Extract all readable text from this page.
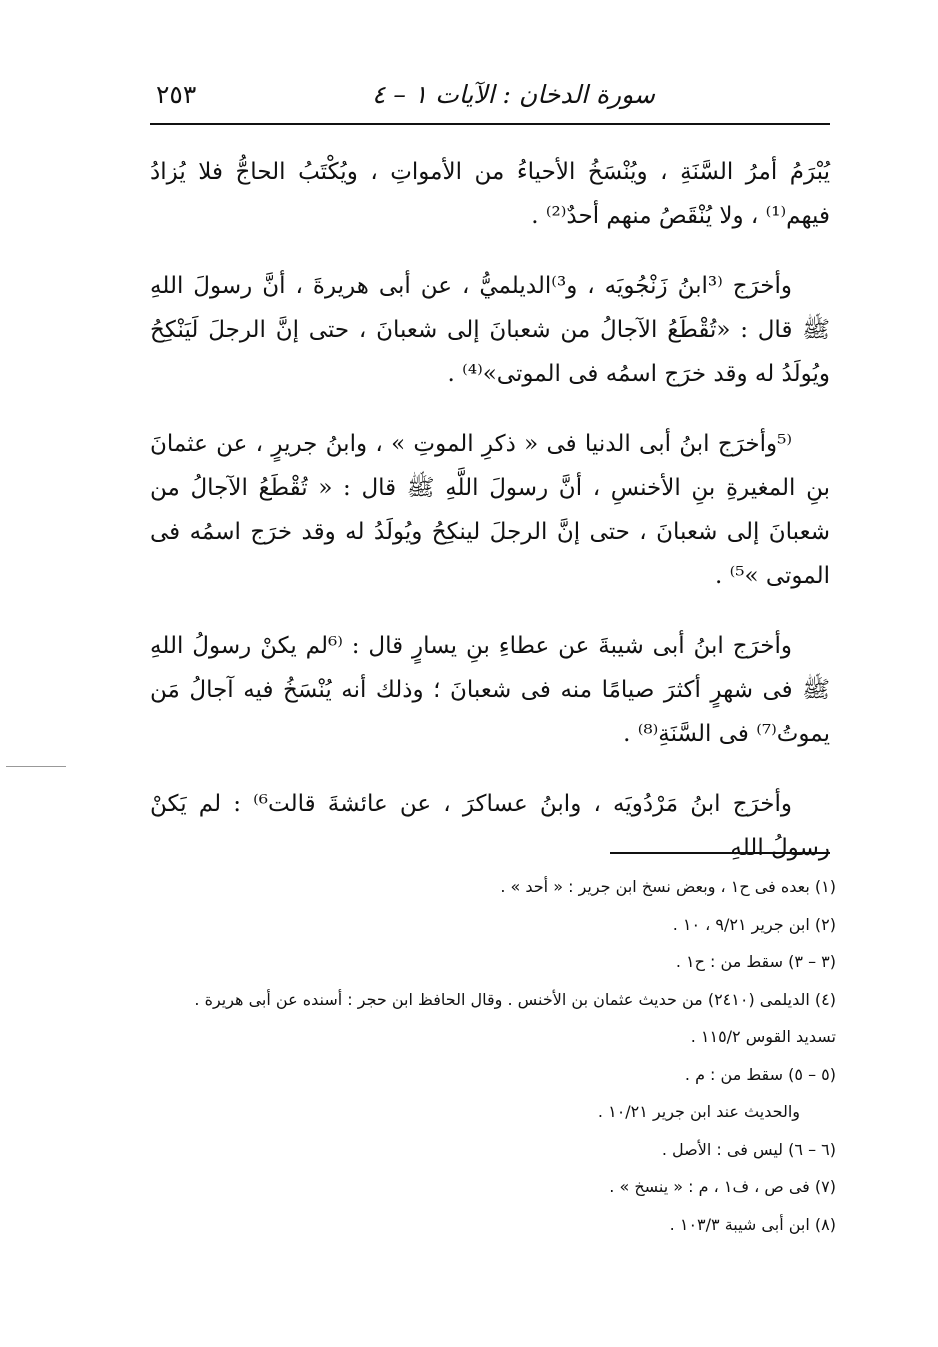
سورة الدخان : الآيات ١ – ٤
٢٥٣

يُبْرَمُ أمرُ السَّنَةِ ، ويُنْسَخُ الأحياءُ من الأمواتِ ، ويُكْتَبُ الحاجُّ فلا يُزادُ فيهم⁽¹⁾ ، ولا يُنْقَصُ منهم أحدٌ⁽²⁾ .

وأخرَج ⁽³ابنُ زَنْجُويَه ، و³⁾الديلميُّ ، عن أبى هريرةَ ، أنَّ رسولَ اللهِ ﷺ قال : «تُقْطَعُ الآجالُ من شعبانَ إلى شعبانَ ، حتى إنَّ الرجلَ لَيَنْكِحُ ويُولَدُ له وقد خرَج اسمُه فى الموتى»⁽⁴⁾ .

⁽⁵وأخرَج ابنُ أبى الدنيا فى « ذكرِ الموتِ » ، وابنُ جريرٍ ، عن عثمانَ بنِ المغيرةِ بنِ الأخنسِ ، أنَّ رسولَ اللَّهِ ﷺ قال : « تُقْطَعُ الآجالُ من شعبانَ إلى شعبانَ ، حتى إنَّ الرجلَ لينكِحُ ويُولَدُ له وقد خرَج اسمُه فى الموتى »⁵⁾ .

وأخرَج ابنُ أبى شيبةَ عن عطاءِ بنِ يسارٍ قال : ⁽⁶لم يكنْ رسولُ اللهِ ﷺ فى شهرٍ أكثرَ صيامًا منه فى شعبانَ ؛ وذلك أنه يُنْسَخُ فيه آجالُ مَن يموتُ⁽⁷⁾ فى السَّنَةِ⁽⁸⁾ .

وأخرَج ابنُ مَرْدُويَه ، وابنُ عساكرَ ، عن عائشةَ قالت⁶⁾ : لم يَكنْ رسولُ اللهِ

(١) بعده فى ح١ ، وبعض نسخ ابن جرير : « أحد » .
(٢) ابن جرير ٩/٢١ ، ١٠ .
(٣ – ٣) سقط من : ح١ .
(٤) الديلمى (٢٤١٠) من حديث عثمان بن الأخنس . وقال الحافظ ابن حجر : أسنده عن أبى هريرة .
تسديد القوس ١١٥/٢ .
(٥ – ٥) سقط من : م .
والحديث عند ابن جرير ١٠/٢١ .
(٦ – ٦) ليس فى : الأصل .
(٧) فى ص ، ف١ ، م : « ينسخ » .
(٨) ابن أبى شيبة ١٠٣/٣ .
